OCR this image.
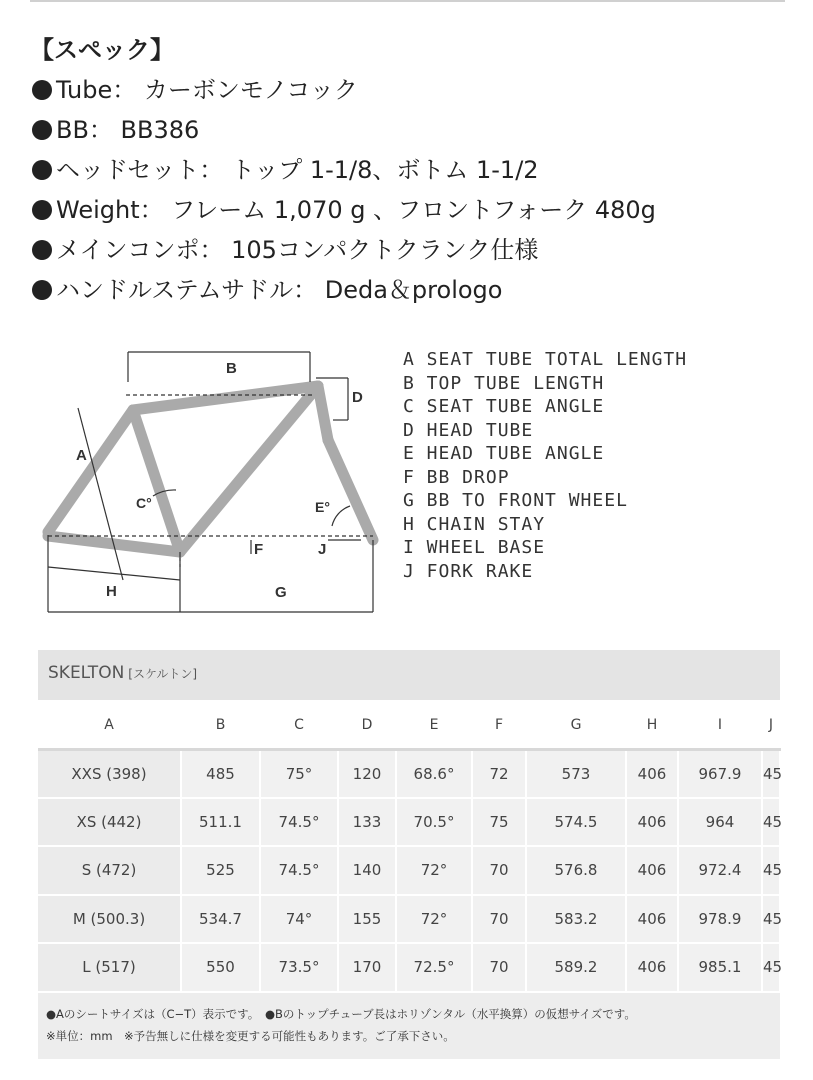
【スペック】
Tube： カーボンモノコック
BB： BB386
ヘッドセット： トップ 1-1/8、ボトム 1-1/2
Weight： フレーム 1,070 g 、フロントフォーク 480g
メインコンポ： 105コンパクトクランク仕様
ハンドルステムサドル： Deda＆prologo
B
D
A
C°	E°
F	J
H	G
A SEAT TUBE TOTAL LENGTH
B TOP TUBE LENGTH
C SEAT TUBE ANGLE
D HEAD TUBE
E HEAD TUBE ANGLE
F BB DROP
G BB TO FRONT WHEEL
H CHAIN STAY
I WHEEL BASE
J FORK RAKE
SKELTON [スケルトン]
A	B	C	D	E	F	G	H	I	J
XXS (398)	485	75°	120	68.6°	72	573	406	967.9	45
XS (442)	511.1	74.5°	133	70.5°	75	574.5	406	964	45
S (472)	525	74.5°	140	72°	70	576.8	406	972.4	45
M (500.3)	534.7	74°	155	72°	70	583.2	406	978.9	45
L (517)	550	73.5°	170	72.5°	70	589.2	406	985.1	45
●Aのシートサイズは（C−T）表示です。　●Bのトップチューブ長はホリゾンタル（水平換算）の仮想サイズです。
※単位：mm　※予告無しに仕様を変更する可能性もあります。ご了承下さい。
